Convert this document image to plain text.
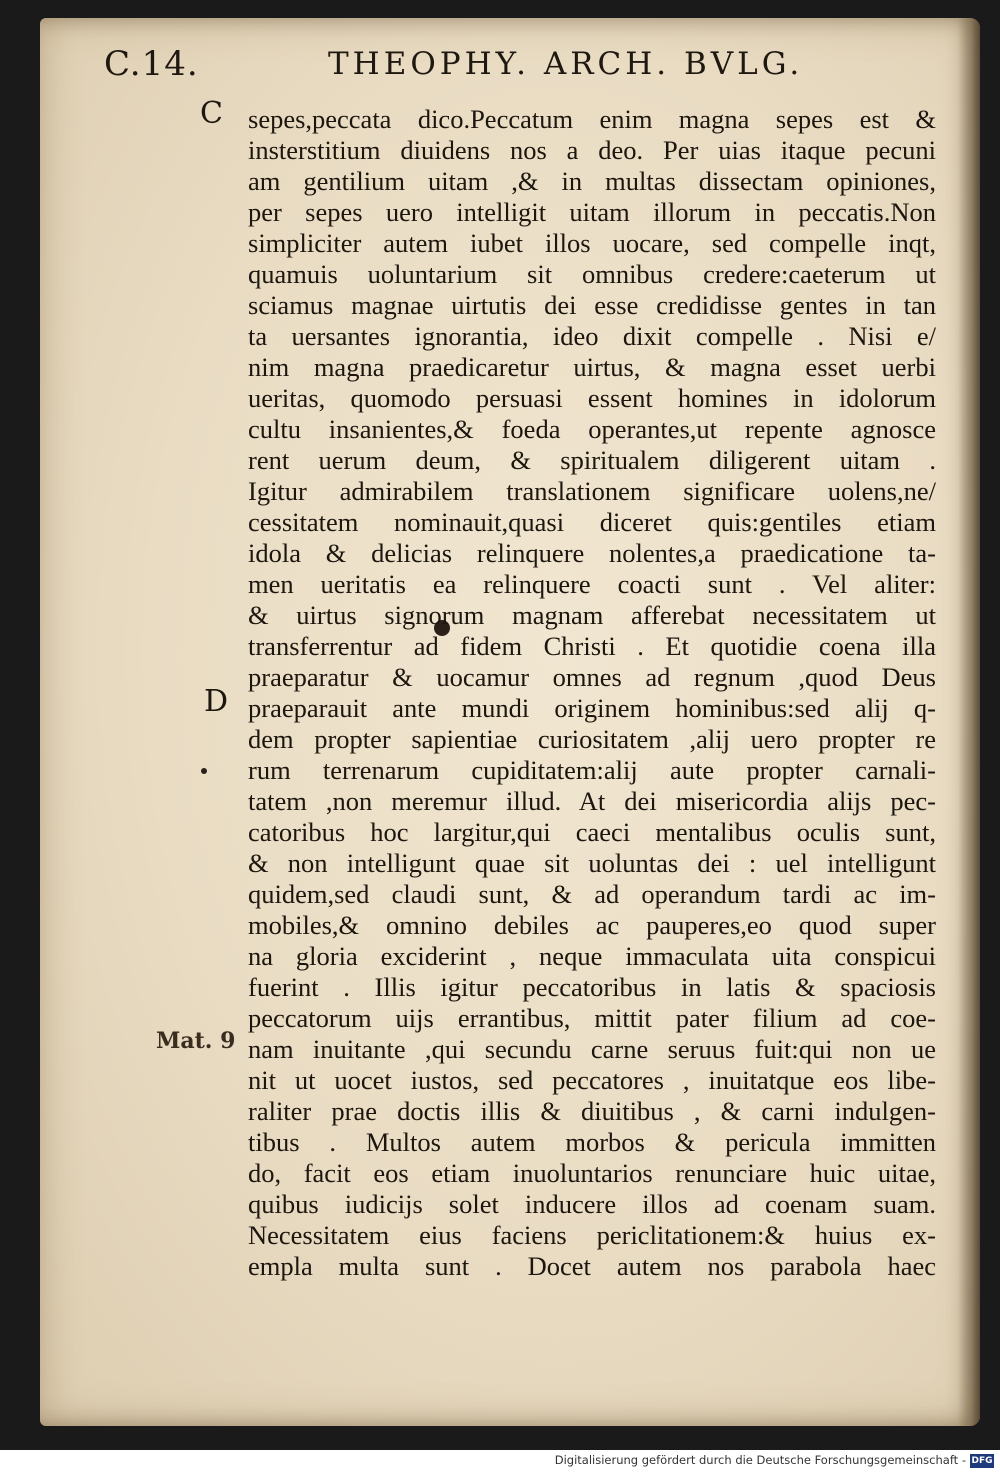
C.14.	THEOPHY. ARCH. BVLG.
C
D
Mat. 9
sepes,peccata dico.Peccatum enim magna sepes est &
insterstitium diuidens nos a deo. Per uias itaque pecuni
am gentilium uitam ,& in multas dissectam opiniones,
per sepes uero intelligit uitam illorum in peccatis.Non
simpliciter autem iubet illos uocare, sed compelle inqt,
quamuis uoluntarium sit omnibus credere:caeterum ut
sciamus magnae uirtutis dei esse credidisse gentes in tan
ta uersantes ignorantia, ideo dixit compelle . Nisi e/
nim magna praedicaretur uirtus, & magna esset uerbi
ueritas, quomodo persuasi essent homines in idolorum
cultu insanientes,& foeda operantes,ut repente agnosce
rent uerum deum, & spiritualem diligerent uitam .
Igitur admirabilem translationem significare uolens,ne/
cessitatem nominauit,quasi diceret quis:gentiles etiam
idola & delicias relinquere nolentes,a praedicatione ta-
men ueritatis ea relinquere coacti sunt . Vel aliter:
& uirtus signorum magnam afferebat necessitatem ut
transferrentur ad fidem Christi . Et quotidie coena illa
praeparatur & uocamur omnes ad regnum ,quod Deus
praeparauit ante mundi originem hominibus:sed alij q-
dem propter sapientiae curiositatem ,alij uero propter re
rum terrenarum cupiditatem:alij aute propter carnali-
tatem ,non meremur illud. At dei misericordia alijs pec-
catoribus hoc largitur,qui caeci mentalibus oculis sunt,
& non intelligunt quae sit uoluntas dei : uel intelligunt
quidem,sed claudi sunt, & ad operandum tardi ac im-
mobiles,& omnino debiles ac pauperes,eo quod super
na gloria exciderint , neque immaculata uita conspicui
fuerint . Illis igitur peccatoribus in latis & spaciosis
peccatorum uijs errantibus, mittit pater filium ad coe-
nam inuitante ,qui secundu carne seruus fuit:qui non ue
nit ut uocet iustos, sed peccatores , inuitatque eos libe-
raliter prae doctis illis & diuitibus , & carni indulgen-
tibus . Multos autem morbos & pericula immitten
do, facit eos etiam inuoluntarios renunciare huic uitae,
quibus iudicijs solet inducere illos ad coenam suam.
Necessitatem eius faciens periclitationem:& huius ex-
empla multa sunt . Docet autem nos parabola haec
Digitalisierung gefördert durch die Deutsche Forschungsgemeinschaft - DFG
